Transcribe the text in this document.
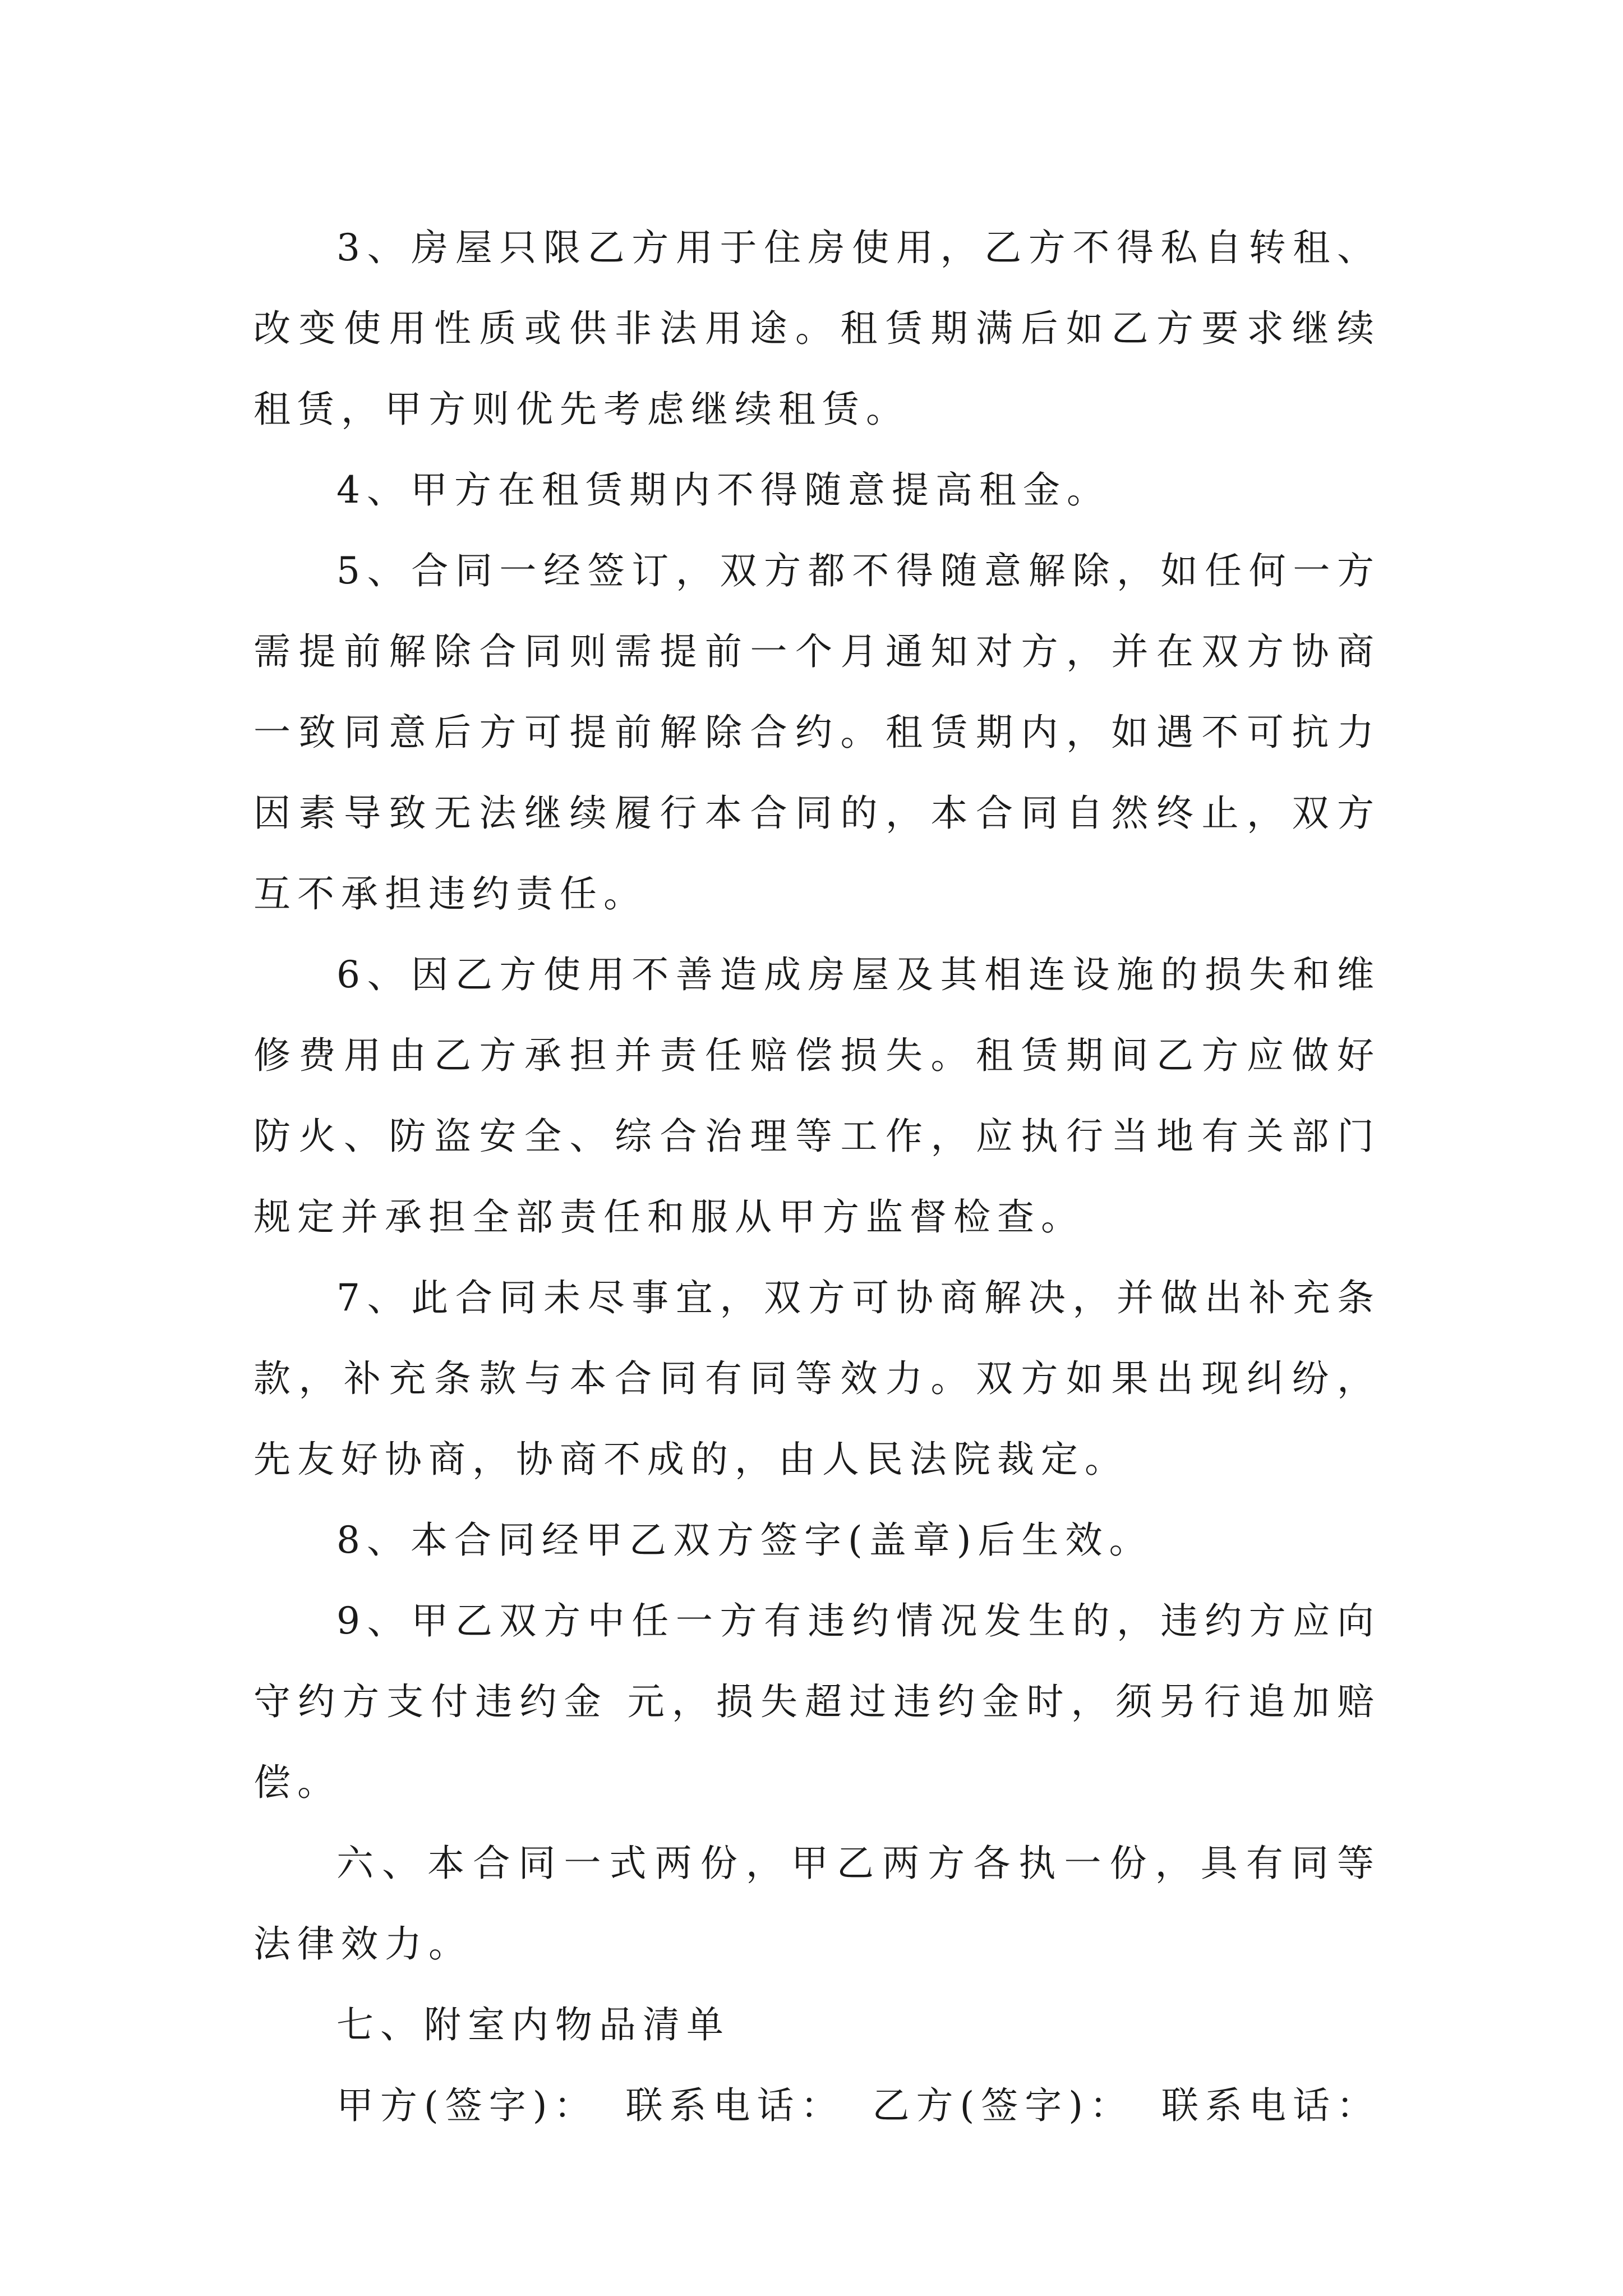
3、房屋只限乙方用于住房使用，乙方不得私自转租、改变使用性质或供非法用途。租赁期满后如乙方要求继续租赁，甲方则优先考虑继续租赁。

4、甲方在租赁期内不得随意提高租金。

5、合同一经签订，双方都不得随意解除，如任何一方需提前解除合同则需提前一个月通知对方，并在双方协商一致同意后方可提前解除合约。租赁期内，如遇不可抗力因素导致无法继续履行本合同的，本合同自然终止，双方互不承担违约责任。

6、因乙方使用不善造成房屋及其相连设施的损失和维修费用由乙方承担并责任赔偿损失。租赁期间乙方应做好防火、防盗安全、综合治理等工作，应执行当地有关部门规定并承担全部责任和服从甲方监督检查。

7、此合同未尽事宜，双方可协商解决，并做出补充条款，补充条款与本合同有同等效力。双方如果出现纠纷，先友好协商，协商不成的，由人民法院裁定。

8、本合同经甲乙双方签字(盖章)后生效。

9、甲乙双方中任一方有违约情况发生的，违约方应向守约方支付违约金 元，损失超过违约金时，须另行追加赔偿。

六、本合同一式两份，甲乙两方各执一份，具有同等法律效力。

七、附室内物品清单

甲方(签字)： 联系电话： 乙方(签字)： 联系电话：
